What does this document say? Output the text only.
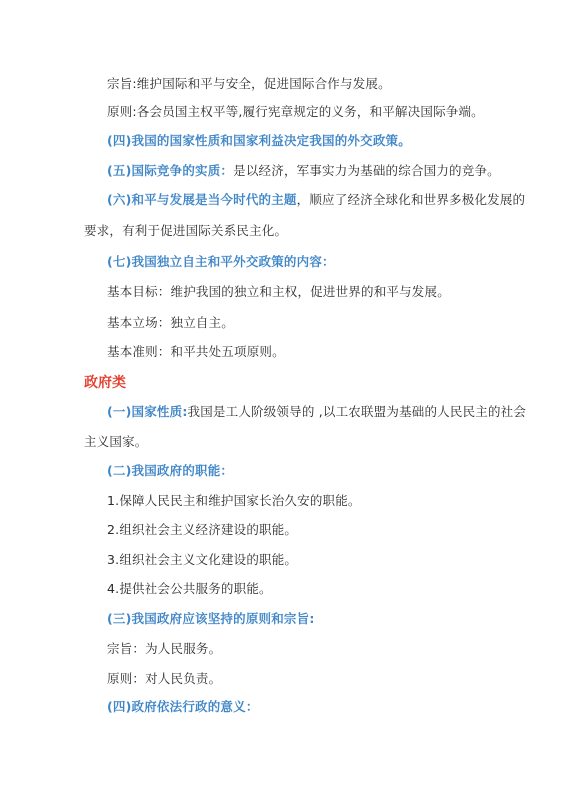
宗旨:维护国际和平与安全，促进国际合作与发展。
原则:各会员国主权平等,履行宪章规定的义务，和平解决国际争端。
(四)我国的国家性质和国家利益决定我国的外交政策。
(五)国际竞争的实质：是以经济，军事实力为基础的综合国力的竞争。
(六)和平与发展是当今时代的主题，顺应了经济全球化和世界多极化发展的
要求，有利于促进国际关系民主化。
(七)我国独立自主和平外交政策的内容：
基本目标：维护我国的独立和主权，促进世界的和平与发展。
基本立场：独立自主。
基本准则：和平共处五项原则。
政府类
(一)国家性质:我国是工人阶级领导的 ,以工农联盟为基础的人民民主的社会
主义国家。
(二)我国政府的职能：
1.保障人民民主和维护国家长治久安的职能。
2.组织社会主义经济建设的职能。
3.组织社会主义文化建设的职能。
4.提供社会公共服务的职能。
(三)我国政府应该坚持的原则和宗旨:
宗旨：为人民服务。
原则：对人民负责。
(四)政府依法行政的意义：
